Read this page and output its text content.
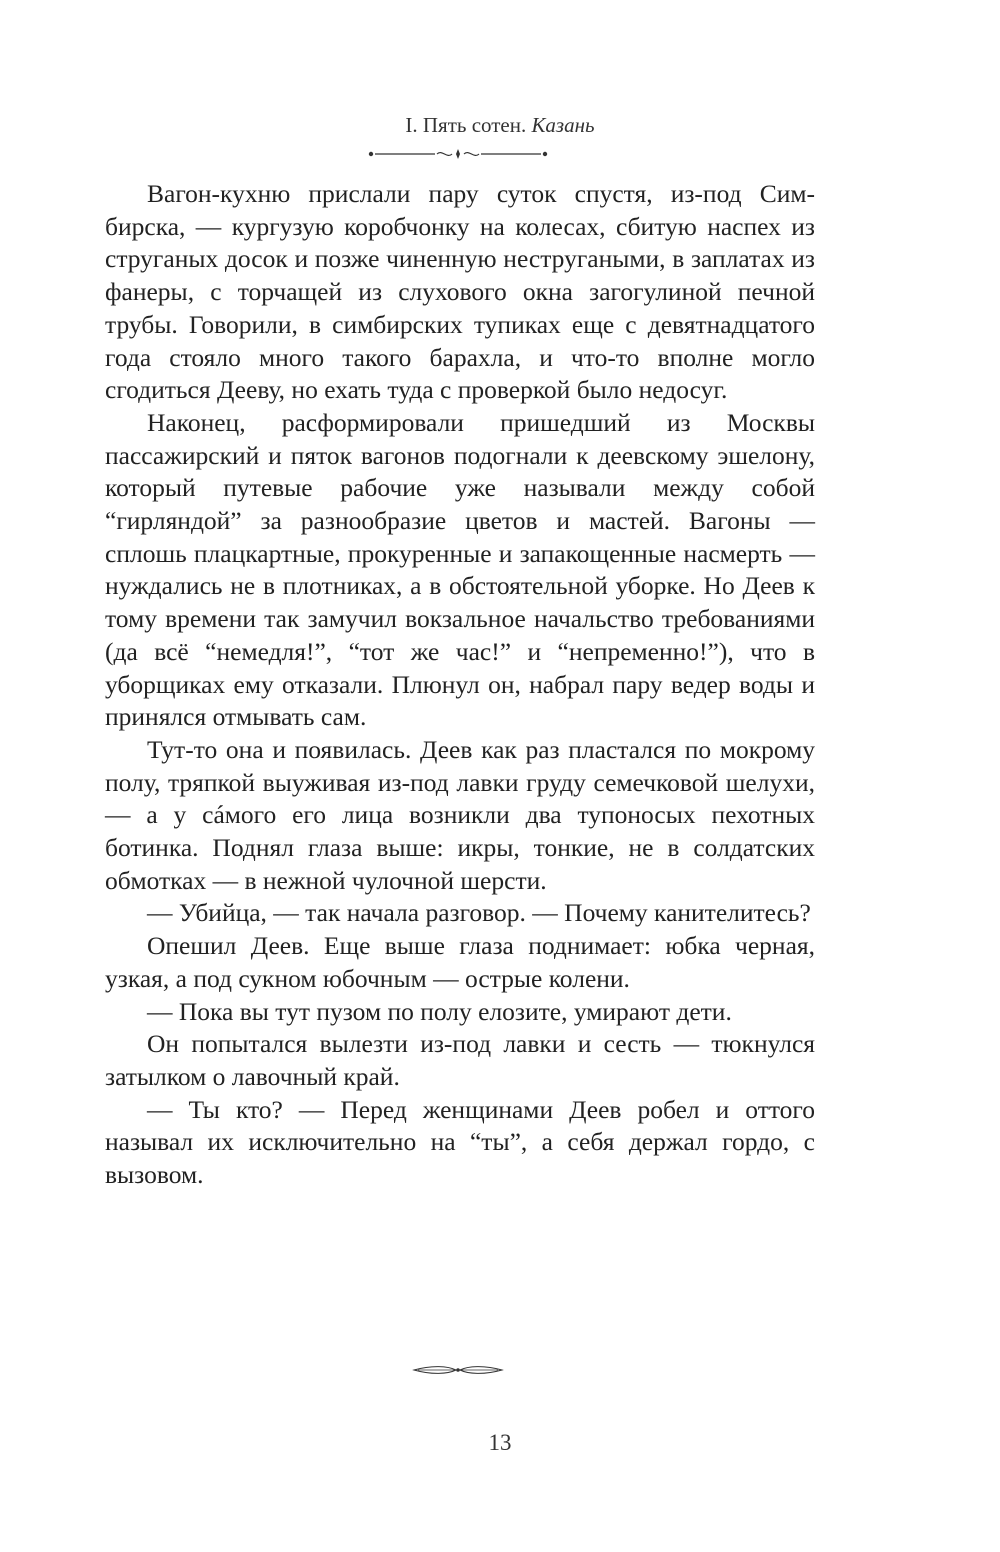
I. Пять сотен. Казань

Вагон-кухню прислали пару суток спустя, из-под Симбирска, — кургузую коробчонку на колесах, сбитую наспех из струганых досок и позже чиненную нестругаными, в заплатах из фанеры, с торчащей из слухового окна загогулиной печной трубы. Говорили, в симбирских тупиках еще с девятнадцатого года стояло много такого барахла, и что-то вполне могло сгодиться Дееву, но ехать туда с проверкой было недосуг.

Наконец, расформировали пришедший из Москвы пассажирский и пяток вагонов подогнали к деевскому эшелону, который путевые рабочие уже называли между собой “гирляндой” за разнообразие цветов и мастей. Вагоны — сплошь плацкартные, прокуренные и запакощенные насмерть — нуждались не в плотниках, а в обстоятельной уборке. Но Деев к тому времени так замучил вокзальное начальство требованиями (да всё “немедля!”, “тот же час!” и “непременно!”), что в уборщиках ему отказали. Плюнул он, набрал пару ведер воды и принялся отмывать сам.

Тут-то она и появилась. Деев как раз пластался по мокрому полу, тряпкой выуживая из-под лавки груду семечковой шелухи, — а у сáмого его лица возникли два тупоносых пехотных ботинка. Поднял глаза выше: икры, тонкие, не в солдатских обмотках — в нежной чулочной шерсти.

— Убийца, — так начала разговор. — Почему канителитесь?

Опешил Деев. Еще выше глаза поднимает: юбка черная, узкая, а под сукном юбочным — острые колени.

— Пока вы тут пузом по полу елозите, умирают дети.

Он попытался вылезти из-под лавки и сесть — тюкнулся затылком о лавочный край.

— Ты кто? — Перед женщинами Деев робел и оттого называл их исключительно на “ты”, а себя держал гордо, с вызовом.

13
